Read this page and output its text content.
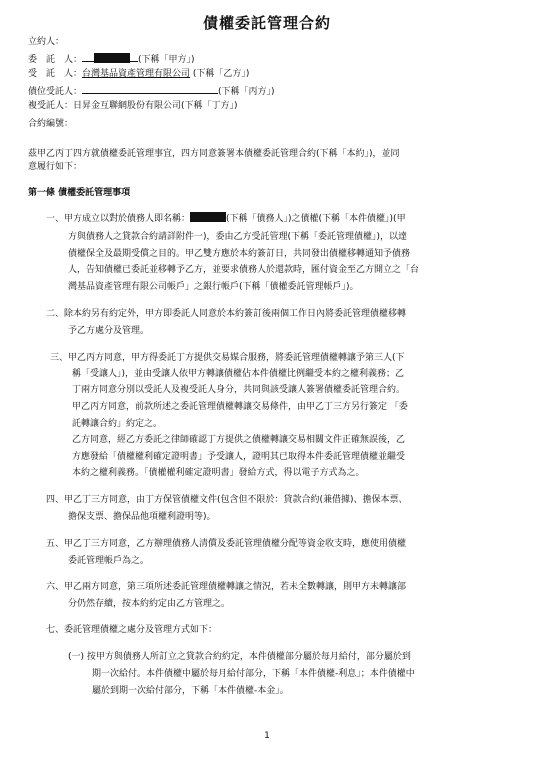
債權委託管理合約
立約人：
委　託　人：	(下稱「甲方」)
受　託　人：台灣基品資產管理有限公司 (下稱「乙方」)
債位受託人：	(下稱「丙方」)
複受託人：日昇金互聯網股份有限公司(下稱「丁方」)
合約編號：
茲甲乙丙丁四方就債權委託管理事宜，四方同意簽署本債權委託管理合約(下稱「本約」)，並同
意履行如下：
第一條 債權委託管理事項
一、甲方成立以對於債務人即名稱：	(下稱「債務人」)之債權(下稱「本件債權」)(甲
方與債務人之貸款合約請詳附件一)，委由乙方受託管理(下稱「委託管理債權」)，以達
債權保全及最期受償之目的。甲乙雙方應於本約簽訂日，共同發出債權移轉通知予債務
人，告知債權已委託並移轉予乙方，並要求債務人於還款時，匯付資金至乙方開立之「台
灣基品資產管理有限公司帳戶」之銀行帳戶(下稱「債權委託管理帳戶」)。
二、除本約另有約定外，甲方即委託人同意於本約簽訂後兩個工作日內將委託管理債權移轉
予乙方處分及管理。
三、甲乙丙方同意，甲方得委託丁方提供交易媒合服務，將委託管理債權轉讓予第三人(下
稱「受讓人」)，並由受讓人依甲方轉讓債權佔本件債權比例繼受本約之權利義務；乙
丁兩方同意分別以受託人及複受託人身分，共同與該受讓人簽署債權委託管理合約。
甲乙丙方同意，前款所述之委託管理債權轉讓交易條件，由甲乙丁三方另行簽定 「委
託轉讓合約」約定之。
乙方同意，經乙方委託之律師確認丁方提供之債權轉讓交易相關文件正確無誤後，乙
方應發給「債權權利確定證明書」予受讓人，證明其已取得本件委託管理債權並繼受
本約之權利義務。「債權權利確定證明書」發給方式，得以電子方式為之。
四、甲乙丁三方同意，由丁方保管債權文件(包含但不限於：貸款合約(兼借據)、擔保本票、
擔保支票、擔保品他項權利證明等)。
五、甲乙丁三方同意，乙方辦理債務人清償及委託管理債權分配等資金收支時，應使用債權
委託管理帳戶為之。
六、甲乙兩方同意，第三項所述委託管理債權轉讓之情況，若未全數轉讓，則甲方未轉讓部
分仍然存續，按本約約定由乙方管理之。
七、委託管理債權之處分及管理方式如下：
(一) 按甲方與債務人所訂立之貸款合約約定，本件債權部分屬於每月給付，部分屬於到
期一次給付。本件債權中屬於每月給付部分，下稱「本件債權-利息」；本件債權中
屬於到期一次給付部分，下稱「本件債權-本金」。
1
